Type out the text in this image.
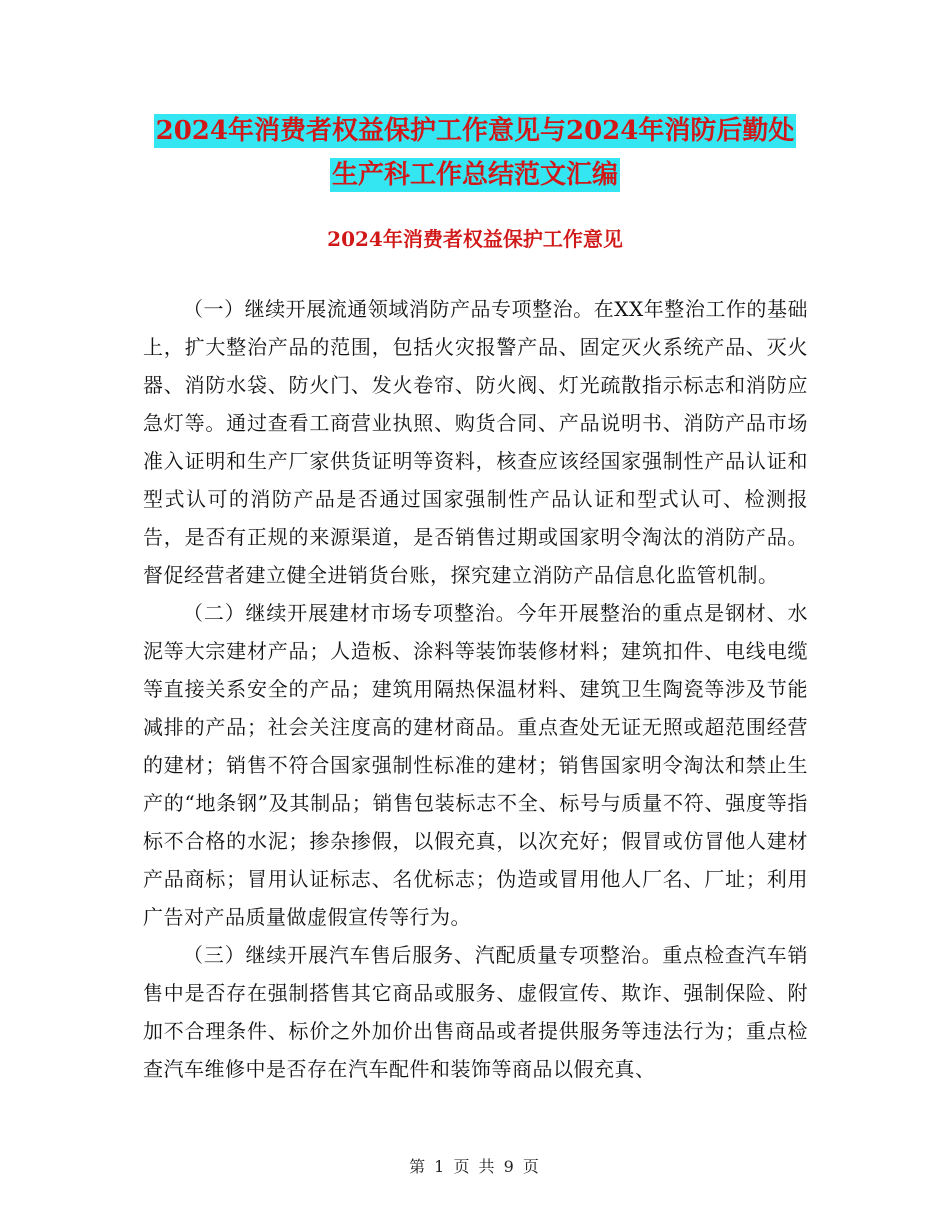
2024年消费者权益保护工作意见与2024年消防后勤处
生产科工作总结范文汇编
2024年消费者权益保护工作意见

（一）继续开展流通领域消防产品专项整治。在XX年整治工作的基础上，扩大整治产品的范围，包括火灾报警产品、固定灭火系统产品、灭火器、消防水袋、防火门、发火卷帘、防火阀、灯光疏散指示标志和消防应急灯等。通过查看工商营业执照、购货合同、产品说明书、消防产品市场准入证明和生产厂家供货证明等资料，核查应该经国家强制性产品认证和型式认可的消防产品是否通过国家强制性产品认证和型式认可、检测报告，是否有正规的来源渠道，是否销售过期或国家明令淘汰的消防产品。督促经营者建立健全进销货台账，探究建立消防产品信息化监管机制。

（二）继续开展建材市场专项整治。今年开展整治的重点是钢材、水泥等大宗建材产品；人造板、涂料等装饰装修材料；建筑扣件、电线电缆等直接关系安全的产品；建筑用隔热保温材料、建筑卫生陶瓷等涉及节能减排的产品；社会关注度高的建材商品。重点查处无证无照或超范围经营的建材；销售不符合国家强制性标准的建材；销售国家明令淘汰和禁止生产的“地条钢”及其制品；销售包装标志不全、标号与质量不符、强度等指标不合格的水泥；掺杂掺假，以假充真，以次充好；假冒或仿冒他人建材产品商标；冒用认证标志、名优标志；伪造或冒用他人厂名、厂址；利用广告对产品质量做虚假宣传等行为。

（三）继续开展汽车售后服务、汽配质量专项整治。重点检查汽车销售中是否存在强制搭售其它商品或服务、虚假宣传、欺诈、强制保险、附加不合理条件、标价之外加价出售商品或者提供服务等违法行为；重点检查汽车维修中是否存在汽车配件和装饰等商品以假充真、

第 1 页 共 9 页
